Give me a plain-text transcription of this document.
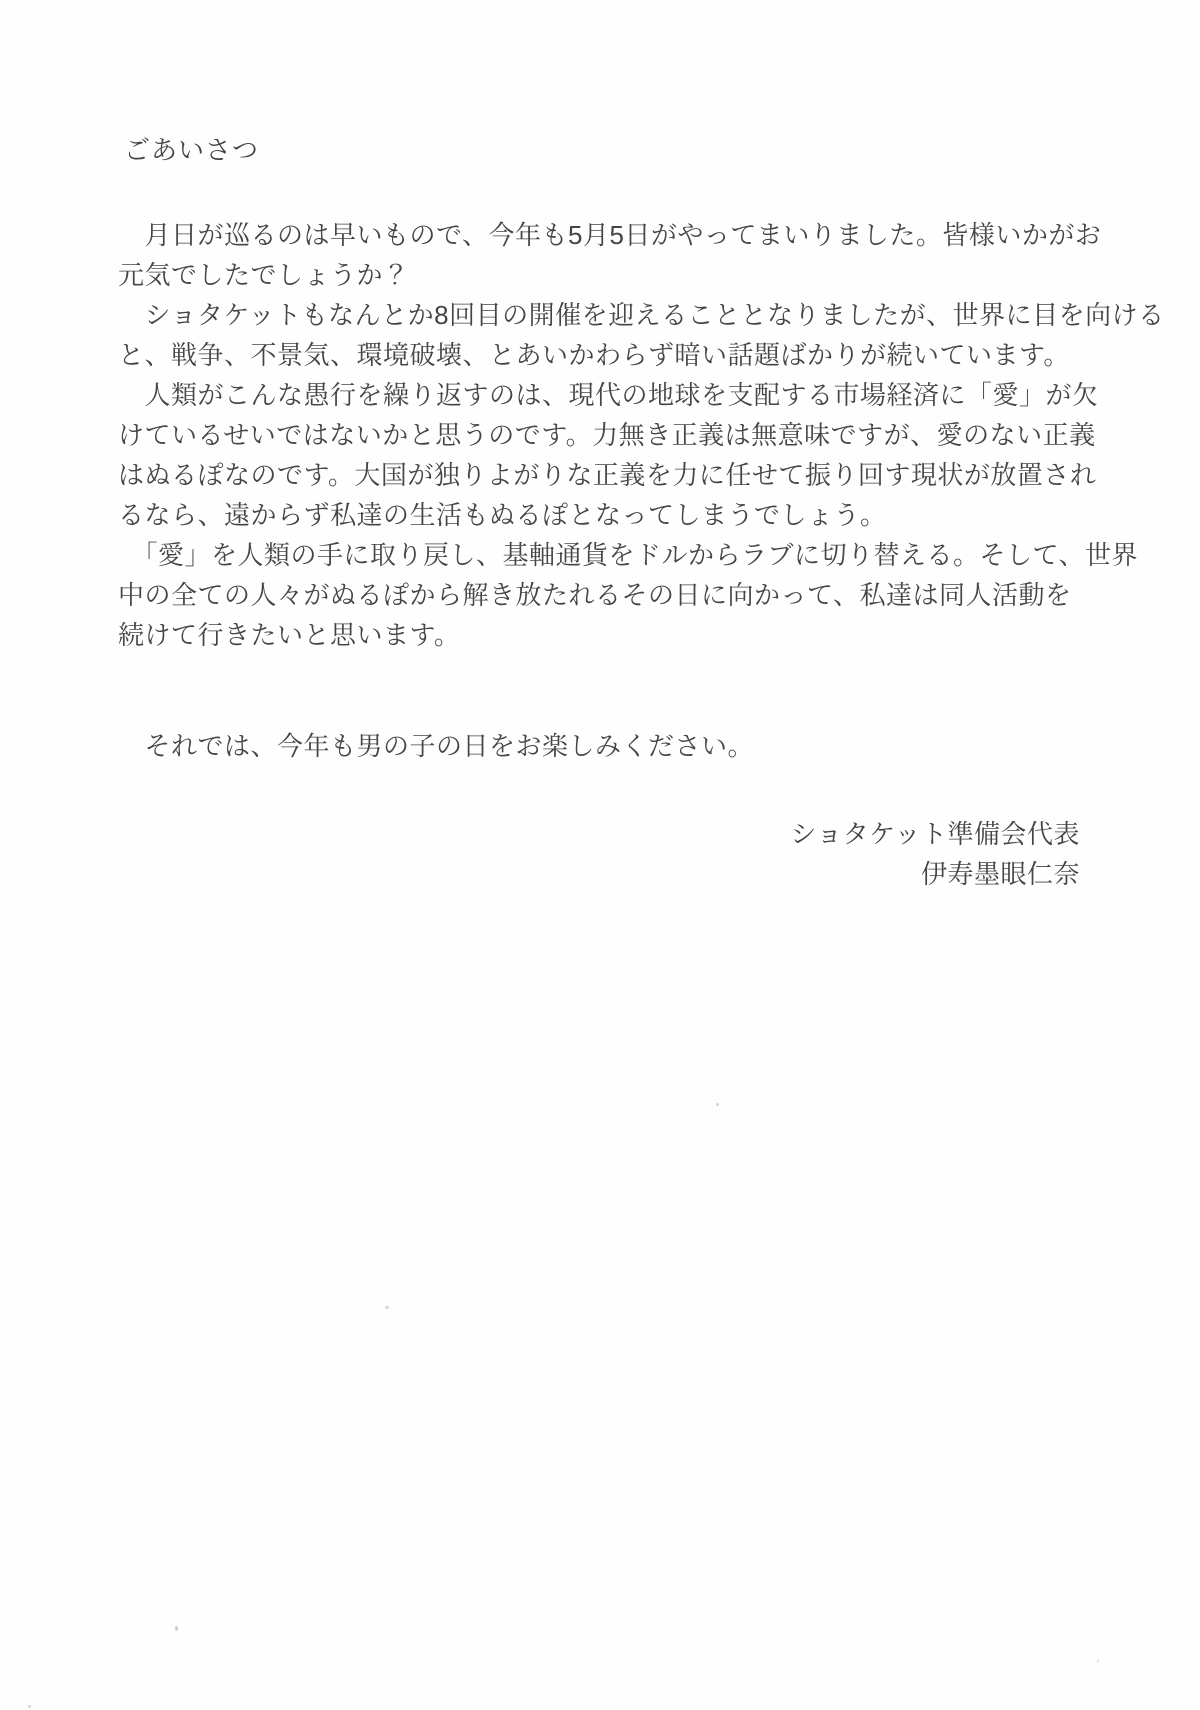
ごあいさつ
　月日が巡るのは早いもので、今年も5月5日がやってまいりました。皆様いかがお
元気でしたでしょうか？
　ショタケットもなんとか8回目の開催を迎えることとなりましたが、世界に目を向ける
と、戦争、不景気、環境破壊、とあいかわらず暗い話題ばかりが続いています。
　人類がこんな愚行を繰り返すのは、現代の地球を支配する市場経済に「愛」が欠
けているせいではないかと思うのです。力無き正義は無意味ですが、愛のない正義
はぬるぽなのです。大国が独りよがりな正義を力に任せて振り回す現状が放置され
るなら、遠からず私達の生活もぬるぽとなってしまうでしょう。
　「愛」を人類の手に取り戻し、基軸通貨をドルからラブに切り替える。そして、世界
中の全ての人々がぬるぽから解き放たれるその日に向かって、私達は同人活動を
続けて行きたいと思います。
　それでは、今年も男の子の日をお楽しみください。
ショタケット準備会代表
伊寿墨眼仁奈
